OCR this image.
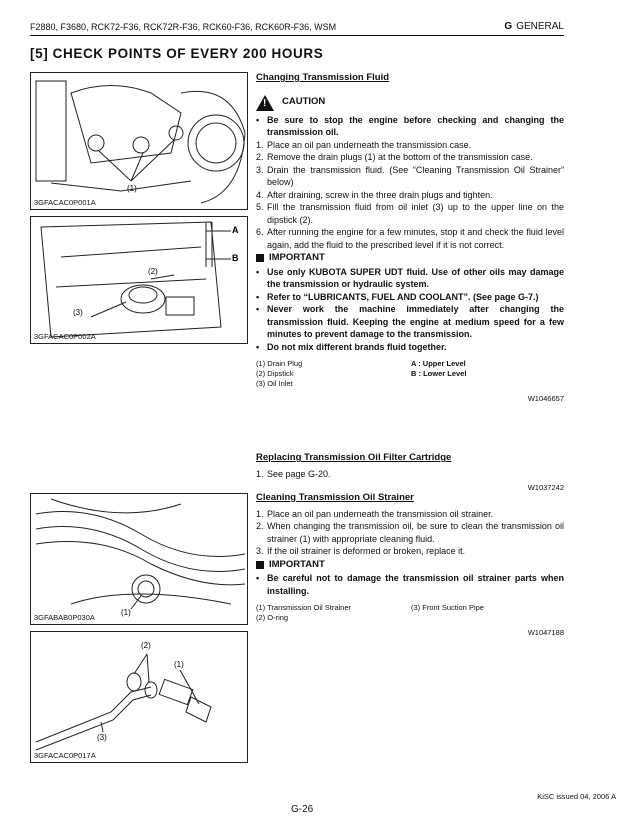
F2880, F3680, RCK72-F36, RCK72R-F36, RCK60-F36, RCK60R-F36, WSM	G GENERAL
[5] CHECK POINTS OF EVERY 200 HOURS
(1)
3GFACAC0P001A
A
B
(2)
(3)
3GFACAC0P002A
(1)
3GFABAB0P030A
(2)
(1)
(3)
3GFACAC0P017A
Changing Transmission Fluid
! CAUTION
• Be sure to stop the engine before checking and changing the transmission oil.
1. Place an oil pan underneath the transmission case.
2. Remove the drain plugs (1) at the bottom of the transmission case.
3. Drain the transmission fluid. (See “Cleaning Transmission Oil Strainer” below)
4. After draining, screw in the three drain plugs and tighten.
5. Fill the transmission fluid from oil inlet (3) up to the upper line on the dipstick (2).
6. After running the engine for a few minutes, stop it and check the fluid level again, add the fluid to the prescribed level if it is not correct.
IMPORTANT
• Use only KUBOTA SUPER UDT fluid. Use of other oils may damage the transmission or hydraulic system.
• Refer to “LUBRICANTS, FUEL AND COOLANT”. (See page G-7.)
• Never work the machine immediately after changing the transmission fluid. Keeping the engine at medium speed for a few minutes to prevent damage to the transmission.
• Do not mix different brands fluid together.
(1) Drain Plug	A : Upper Level
(2) Dipstick	B : Lower Level
(3) Oil Inlet
W1046657
Replacing Transmission Oil Filter Cartridge
1. See page G-20.
W1037242
Cleaning Transmission Oil Strainer
1. Place an oil pan underneath the transmission oil strainer.
2. When changing the transmission oil, be sure to clean the transmission oil strainer (1) with appropriate cleaning fluid.
3. If the oil strainer is deformed or broken, replace it.
IMPORTANT
• Be careful not to damage the transmission oil strainer parts when installing.
(1) Transmission Oil Strainer	(3) Front Suction Pipe
(2) O-ring
W1047188
KiSC issued 04, 2006 A
G-26
